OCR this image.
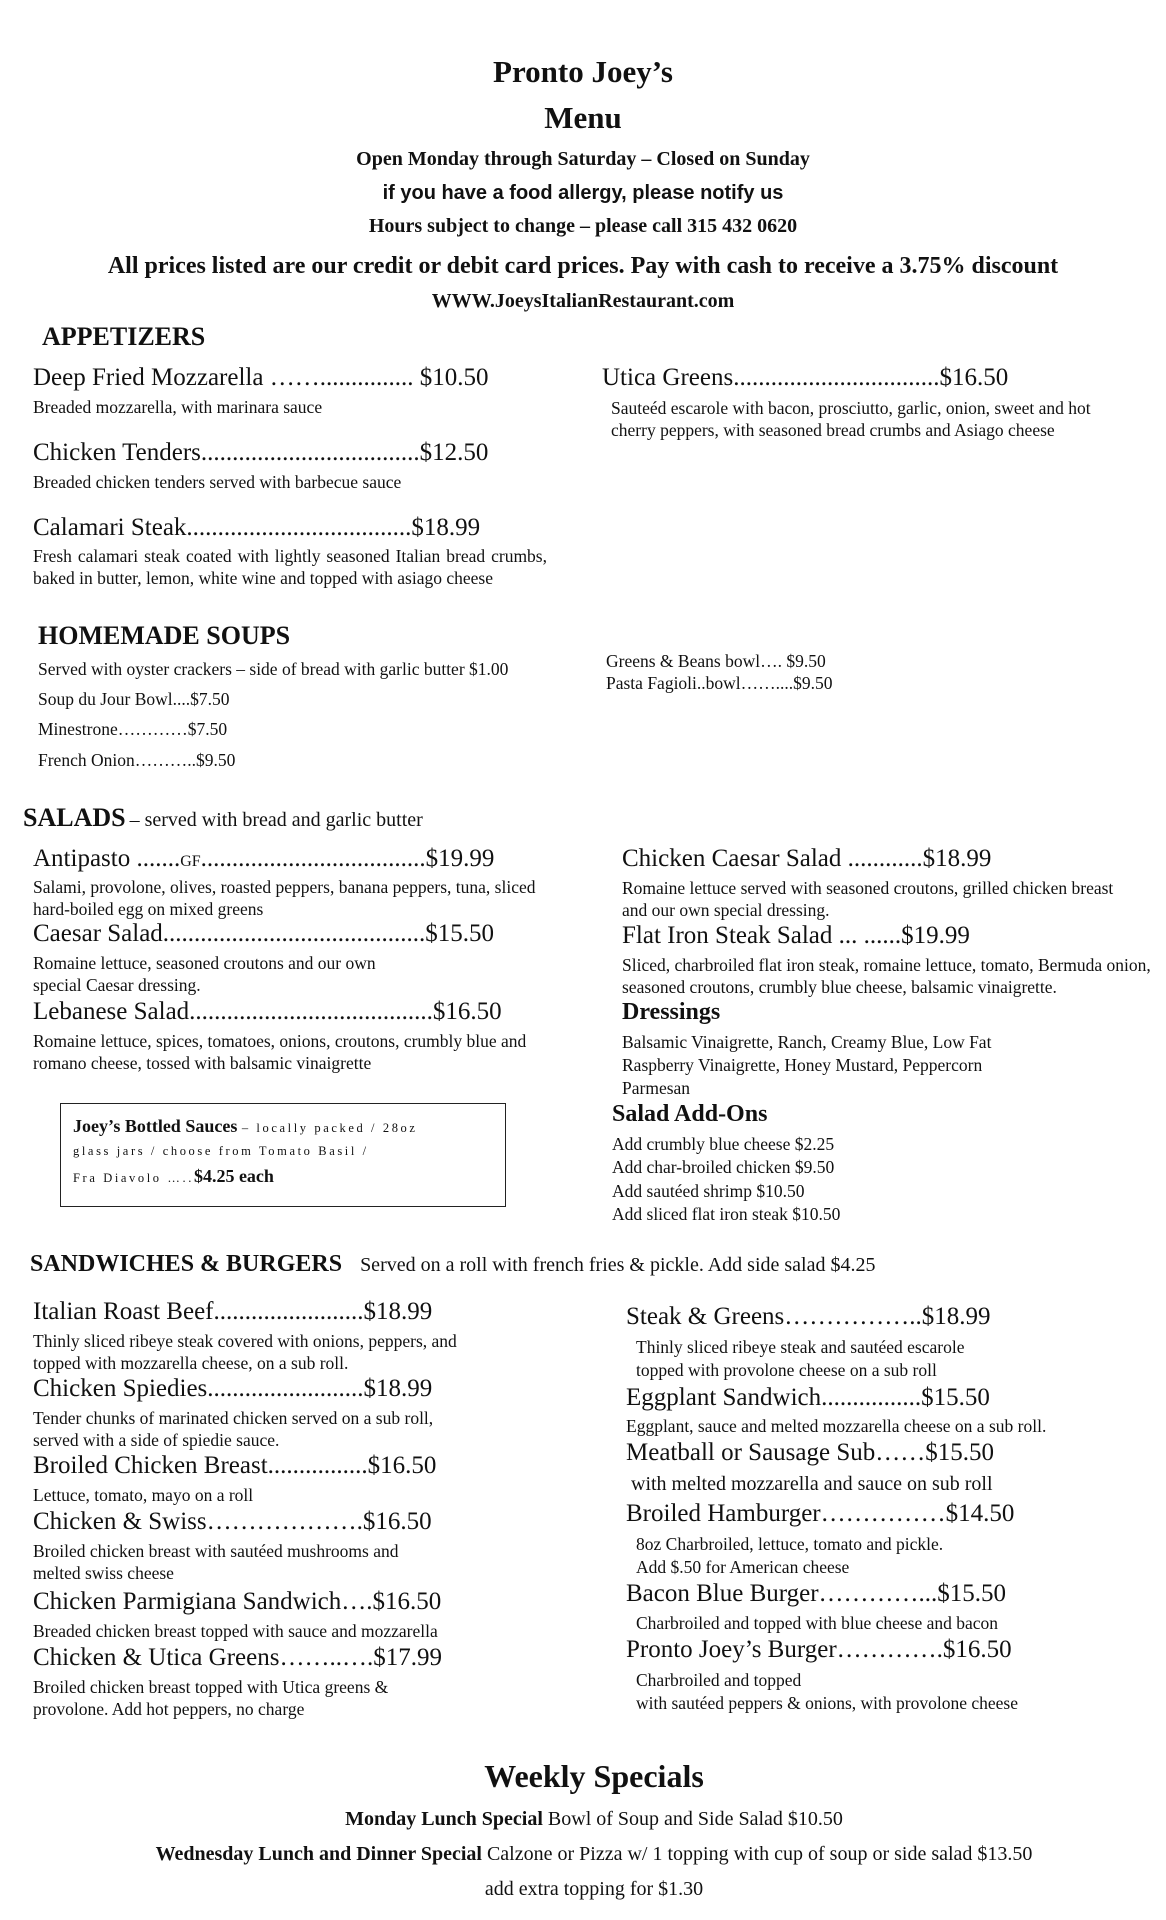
Pronto Joey’s
Menu
Open Monday through Saturday – Closed on Sunday
if you have a food allergy, please notify us
Hours subject to change – please call 315 432 0620
All prices listed are our credit or debit card prices. Pay with cash to receive a 3.75% discount
WWW.JoeysItalianRestaurant.com
APPETIZERS
Deep Fried Mozzarella ……............... $10.50
Breaded mozzarella, with marinara sauce
Chicken Tenders...................................$12.50
Breaded chicken tenders served with barbecue sauce
Calamari Steak....................................$18.99
Fresh calamari steak coated with lightly seasoned Italian bread crumbs, baked in butter, lemon, white wine and topped with asiago cheese
Utica Greens.................................$16.50
Sauteéd escarole with bacon, prosciutto, garlic, onion, sweet and hot cherry peppers, with seasoned bread crumbs and Asiago cheese
HOMEMADE SOUPS
Served with oyster crackers – side of bread with garlic butter $1.00
Soup du Jour Bowl....$7.50
Minestrone…………$7.50
French Onion………..$9.50
Greens & Beans bowl…. $9.50
Pasta Fagioli..bowl……....$9.50
SALADS – served with bread and garlic butter
Antipasto .......GF....................................$19.99
Salami, provolone, olives, roasted peppers, banana peppers, tuna, sliced hard-boiled egg on mixed greens
Caesar Salad..........................................$15.50
Romaine lettuce, seasoned croutons and our own special Caesar dressing.
Lebanese Salad.......................................$16.50
Romaine lettuce, spices, tomatoes, onions, croutons, crumbly blue and romano cheese, tossed with balsamic vinaigrette
Chicken Caesar Salad ............$18.99
Romaine lettuce served with seasoned croutons, grilled chicken breast and our own special dressing.
Flat Iron Steak Salad ... ......$19.99
Sliced, charbroiled flat iron steak, romaine lettuce, tomato, Bermuda onion, seasoned croutons, crumbly blue cheese, balsamic vinaigrette.
Dressings
Balsamic Vinaigrette, Ranch, Creamy Blue, Low Fat
Raspberry Vinaigrette, Honey Mustard, Peppercorn
Parmesan
Salad Add-Ons
Add crumbly blue cheese $2.25
Add char-broiled chicken $9.50
Add sautéed shrimp $10.50
Add sliced flat iron steak $10.50
Joey’s Bottled Sauces – locally packed / 28oz
glass jars / choose from Tomato Basil /
Fra Diavolo …..$4.25 each
SANDWICHES & BURGERS Served on a roll with french fries & pickle. Add side salad $4.25
Italian Roast Beef........................$18.99
Thinly sliced ribeye steak covered with onions, peppers, and topped with mozzarella cheese, on a sub roll.
Chicken Spiedies.........................$18.99
Tender chunks of marinated chicken served on a sub roll, served with a side of spiedie sauce.
Broiled Chicken Breast................$16.50
Lettuce, tomato, mayo on a roll
Chicken & Swiss……………….$16.50
Broiled chicken breast with sautéed mushrooms and melted swiss cheese
Chicken Parmigiana Sandwich….$16.50
Breaded chicken breast topped with sauce and mozzarella
Chicken & Utica Greens……..….$17.99
Broiled chicken breast topped with Utica greens & provolone. Add hot peppers, no charge
Steak & Greens……………..$18.99
Thinly sliced ribeye steak and sautéed escarole
topped with provolone cheese on a sub roll
Eggplant Sandwich................$15.50
Eggplant, sauce and melted mozzarella cheese on a sub roll.
Meatball or Sausage Sub……$15.50
with melted mozzarella and sauce on sub roll
Broiled Hamburger……………$14.50
8oz Charbroiled, lettuce, tomato and pickle.
Add $.50 for American cheese
Bacon Blue Burger…………...$15.50
Charbroiled and topped with blue cheese and bacon
Pronto Joey’s Burger………….$16.50
Charbroiled and topped
with sautéed peppers & onions, with provolone cheese
Weekly Specials
Monday Lunch Special Bowl of Soup and Side Salad $10.50
Wednesday Lunch and Dinner Special Calzone or Pizza w/ 1 topping with cup of soup or side salad $13.50
add extra topping for $1.30
